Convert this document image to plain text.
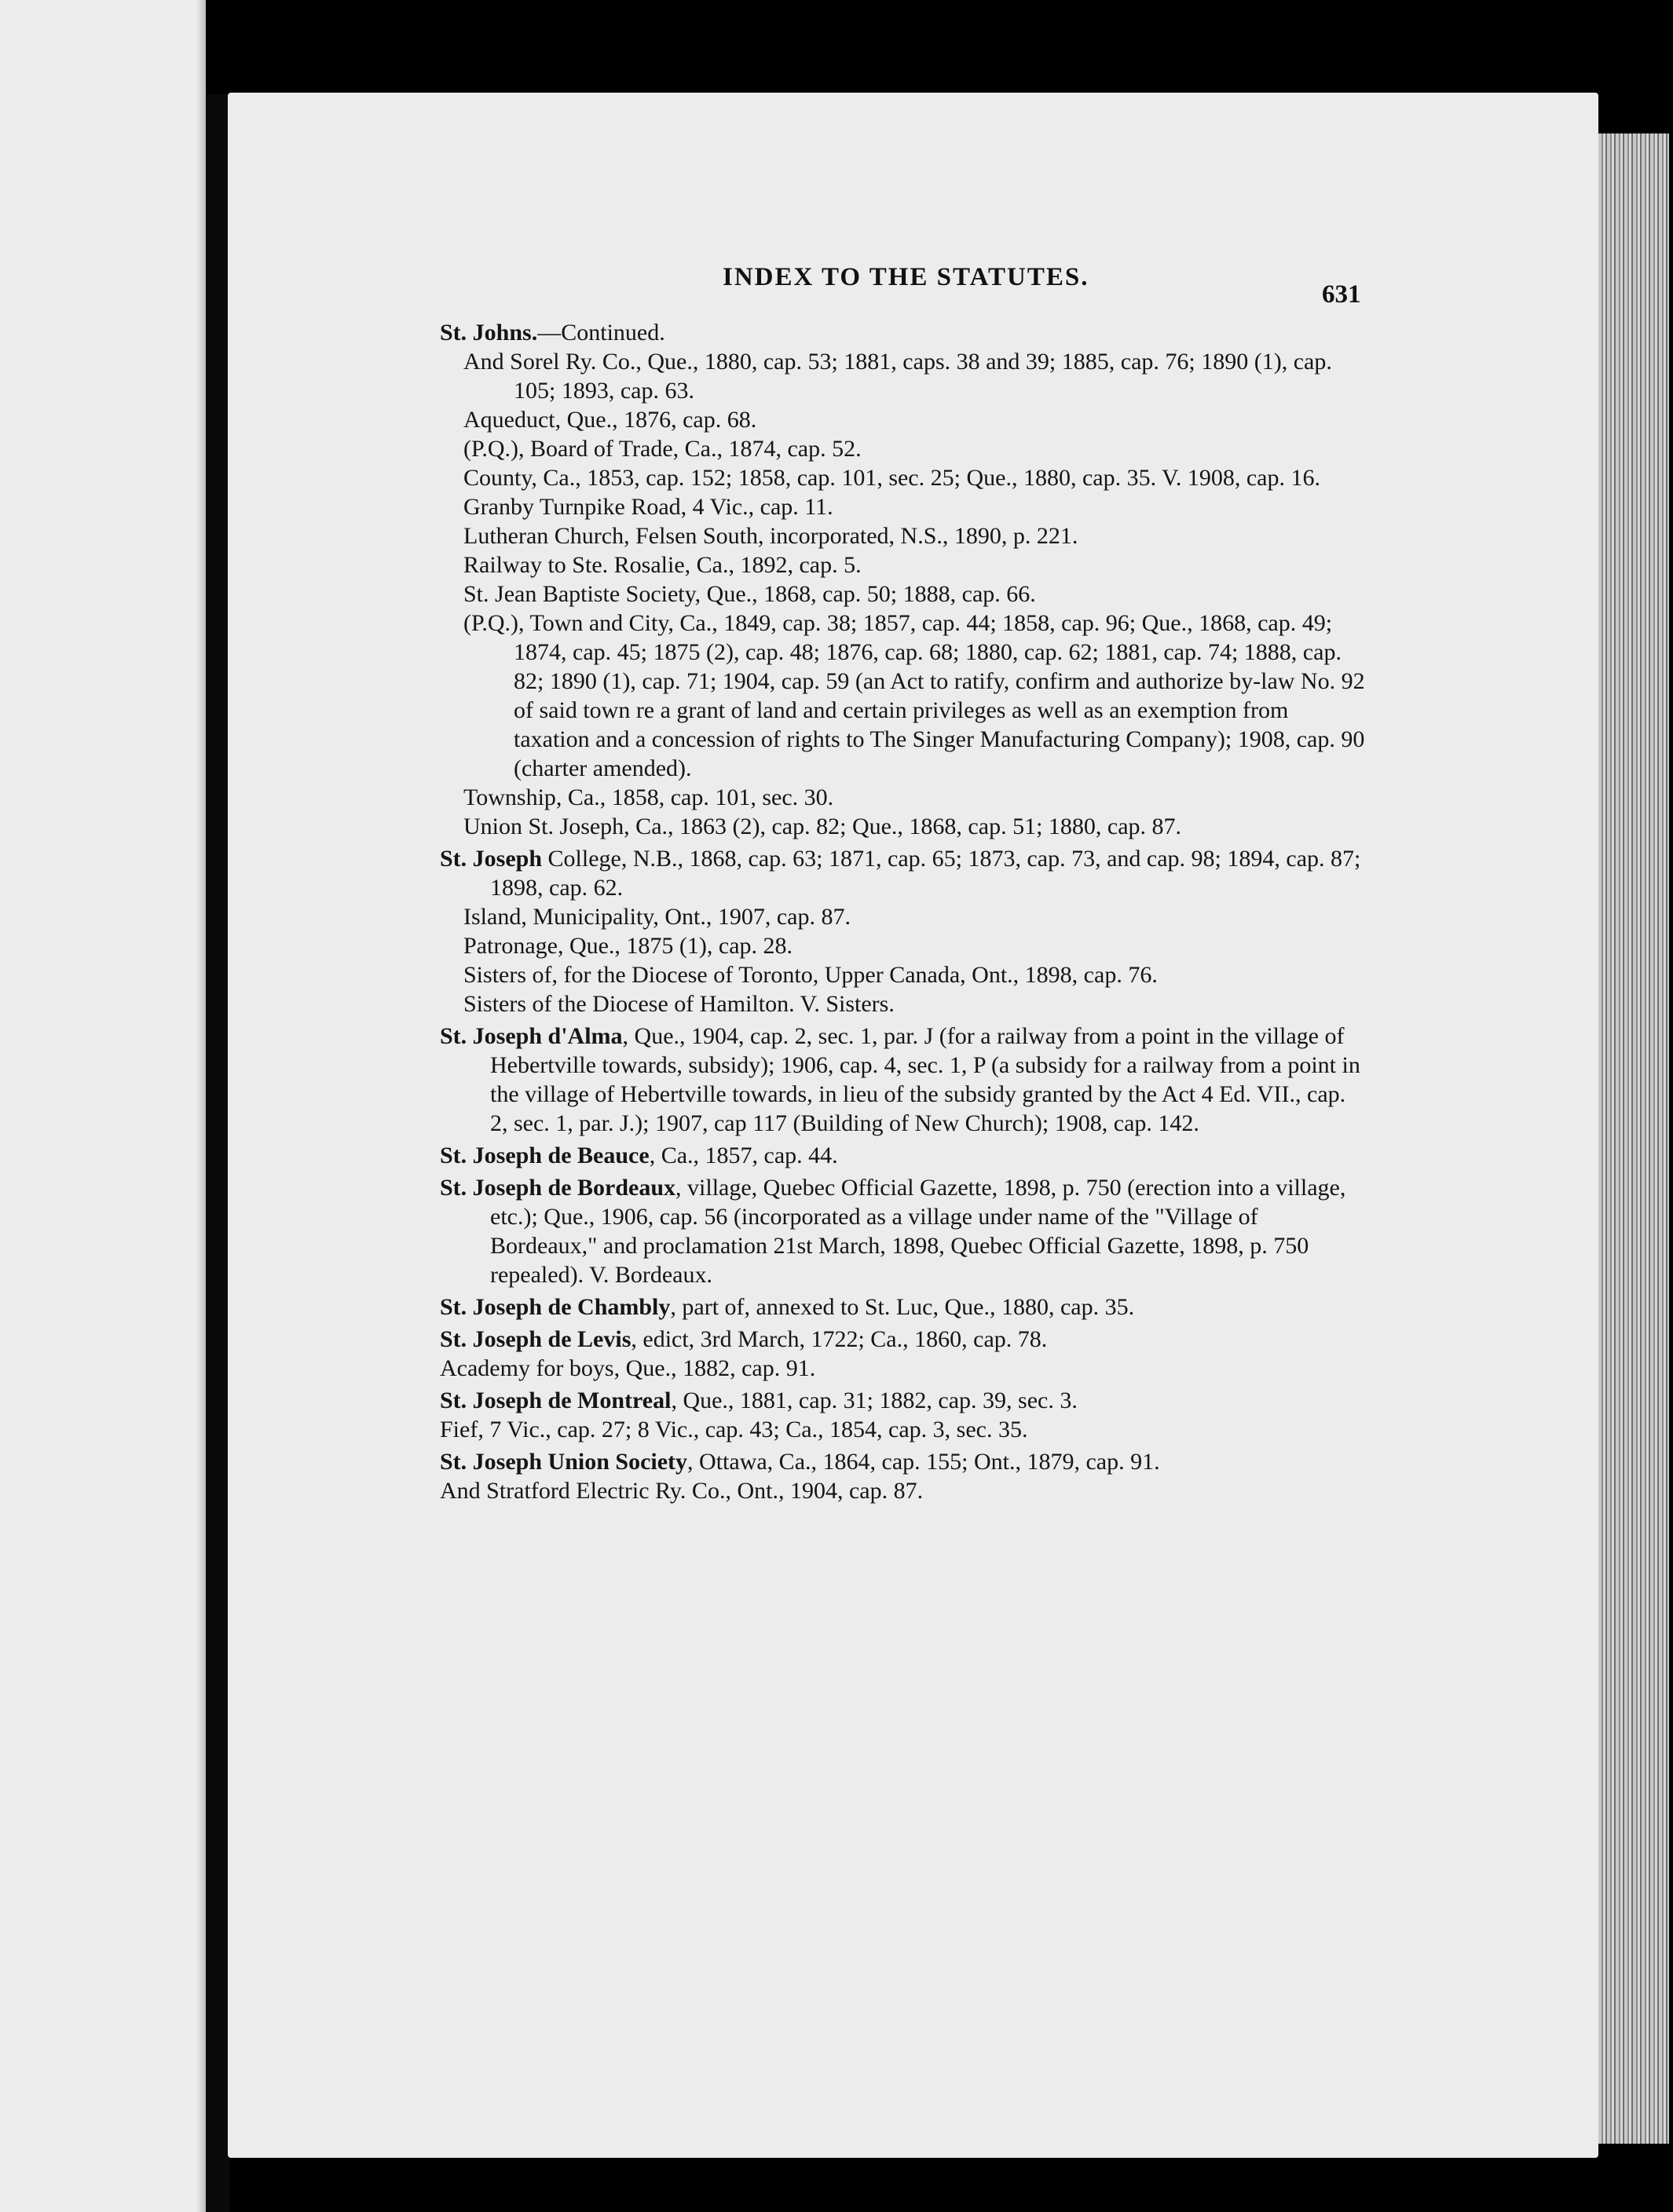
INDEX TO THE STATUTES.
631
St. Johns.—Continued.
And Sorel Ry. Co., Que., 1880, cap. 53; 1881, caps. 38 and 39; 1885, cap. 76; 1890 (1), cap. 105; 1893, cap. 63.
Aqueduct, Que., 1876, cap. 68.
(P.Q.), Board of Trade, Ca., 1874, cap. 52.
County, Ca., 1853, cap. 152; 1858, cap. 101, sec. 25; Que., 1880, cap. 35. V. 1908, cap. 16.
Granby Turnpike Road, 4 Vic., cap. 11.
Lutheran Church, Felsen South, incorporated, N.S., 1890, p. 221.
Railway to Ste. Rosalie, Ca., 1892, cap. 5.
St. Jean Baptiste Society, Que., 1868, cap. 50; 1888, cap. 66.
(P.Q.), Town and City, Ca., 1849, cap. 38; 1857, cap. 44; 1858, cap. 96; Que., 1868, cap. 49; 1874, cap. 45; 1875 (2), cap. 48; 1876, cap. 68; 1880, cap. 62; 1881, cap. 74; 1888, cap. 82; 1890 (1), cap. 71; 1904, cap. 59 (an Act to ratify, confirm and authorize by-law No. 92 of said town re a grant of land and certain privileges as well as an exemption from taxation and a concession of rights to The Singer Manufacturing Company); 1908, cap. 90 (charter amended).
Township, Ca., 1858, cap. 101, sec. 30.
Union St. Joseph, Ca., 1863 (2), cap. 82; Que., 1868, cap. 51; 1880, cap. 87.
St. Joseph College, N.B., 1868, cap. 63; 1871, cap. 65; 1873, cap. 73, and cap. 98; 1894, cap. 87; 1898, cap. 62.
Island, Municipality, Ont., 1907, cap. 87.
Patronage, Que., 1875 (1), cap. 28.
Sisters of, for the Diocese of Toronto, Upper Canada, Ont., 1898, cap. 76.
Sisters of the Diocese of Hamilton. V. Sisters.
St. Joseph d'Alma, Que., 1904, cap. 2, sec. 1, par. J (for a railway from a point in the village of Hebertville towards, subsidy); 1906, cap. 4, sec. 1, P (a subsidy for a railway from a point in the village of Hebertville towards, in lieu of the subsidy granted by the Act 4 Ed. VII., cap. 2, sec. 1, par. J.); 1907, cap 117 (Building of New Church); 1908, cap. 142.
St. Joseph de Beauce, Ca., 1857, cap. 44.
St. Joseph de Bordeaux, village, Quebec Official Gazette, 1898, p. 750 (erection into a village, etc.); Que., 1906, cap. 56 (incorporated as a village under name of the "Village of Bordeaux," and proclamation 21st March, 1898, Quebec Official Gazette, 1898, p. 750 repealed). V. Bordeaux.
St. Joseph de Chambly, part of, annexed to St. Luc, Que., 1880, cap. 35.
St. Joseph de Levis, edict, 3rd March, 1722; Ca., 1860, cap. 78.
Academy for boys, Que., 1882, cap. 91.
St. Joseph de Montreal, Que., 1881, cap. 31; 1882, cap. 39, sec. 3.
Fief, 7 Vic., cap. 27; 8 Vic., cap. 43; Ca., 1854, cap. 3, sec. 35.
St. Joseph Union Society, Ottawa, Ca., 1864, cap. 155; Ont., 1879, cap. 91.
And Stratford Electric Ry. Co., Ont., 1904, cap. 87.
